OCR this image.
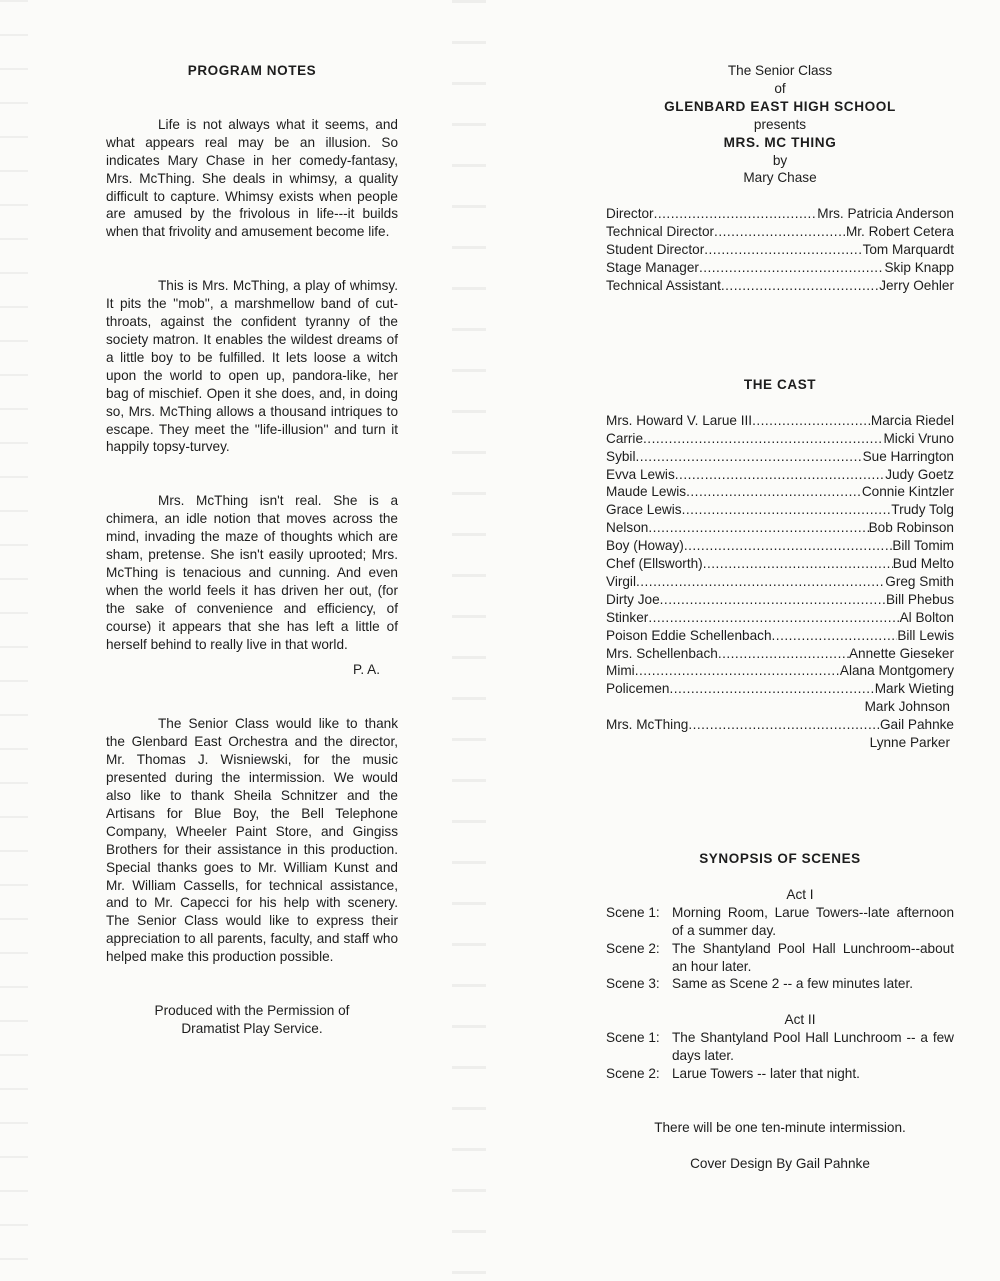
PROGRAM NOTES

Life is not always what it seems, and what appears real may be an illusion. So indicates Mary Chase in her comedy-fantasy, Mrs. McThing. She deals in whimsy, a quality difficult to capture. Whimsy exists when people are amused by the frivolous in life---it builds when that frivolity and amusement become life.

This is Mrs. McThing, a play of whimsy. It pits the ''mob'', a marshmellow band of cut-throats, against the confident tyranny of the society matron. It enables the wildest dreams of a little boy to be fulfilled. It lets loose a witch upon the world to open up, pandora-like, her bag of mischief. Open it she does, and, in doing so, Mrs. McThing allows a thousand intriques to escape. They meet the ''life-illusion'' and turn it happily topsy-turvey.

Mrs. McThing isn't real. She is a chimera, an idle notion that moves across the mind, invading the maze of thoughts which are sham, pretense. She isn't easily uprooted; Mrs. McThing is tenacious and cunning. And even when the world feels it has driven her out, (for the sake of convenience and efficiency, of course) it appears that she has left a little of herself behind to really live in that world.

P. A.

The Senior Class would like to thank the Glenbard East Orchestra and the director, Mr. Thomas J. Wisniewski, for the music presented during the intermission. We would also like to thank Sheila Schnitzer and the Artisans for Blue Boy, the Bell Telephone Company, Wheeler Paint Store, and Gingiss Brothers for their assistance in this production. Special thanks goes to Mr. William Kunst and Mr. William Cassells, for technical assistance, and to Mr. Capecci for his help with scenery. The Senior Class would like to express their appreciation to all parents, faculty, and staff who helped make this production possible.

Produced with the Permission of
Dramatist Play Service.
The Senior Class
of
GLENBARD EAST HIGH SCHOOL
presents
MRS. MC THING
by
Mary Chase
Director .....	Mrs. Patricia Anderson
Technical Director .....	Mr. Robert Cetera
Student Director .....	Tom Marquardt
Stage Manager .....	Skip Knapp
Technical Assistant .....	Jerry Oehler
THE CAST
Mrs. Howard V. Larue III .....	Marcia Riedel
Carrie .....	Micki Vruno
Sybil .....	Sue Harrington
Evva Lewis .....	Judy Goetz
Maude Lewis .....	Connie Kintzler
Grace Lewis .....	Trudy Tolg
Nelson .....	Bob Robinson
Boy (Howay) .....	Bill Tomim
Chef (Ellsworth) .....	Bud Melto
Virgil .....	Greg Smith
Dirty Joe .....	Bill Phebus
Stinker .....	Al Bolton
Poison Eddie Schellenbach .....	Bill Lewis
Mrs. Schellenbach .....	Annette Gieseker
Mimi .....	Alana Montgomery
Policemen .....	Mark Wieting
Mark Johnson
Mrs. McThing .....	Gail Pahnke
Lynne Parker
SYNOPSIS OF SCENES
Act I
Scene 1: Morning Room, Larue Towers--late afternoon of a summer day.
Scene 2: The Shantyland Pool Hall Lunchroom--about an hour later.
Scene 3: Same as Scene 2 -- a few minutes later.
Act II
Scene 1: The Shantyland Pool Hall Lunchroom -- a few days later.
Scene 2: Larue Towers -- later that night.
There will be one ten-minute intermission.
Cover Design By Gail Pahnke
